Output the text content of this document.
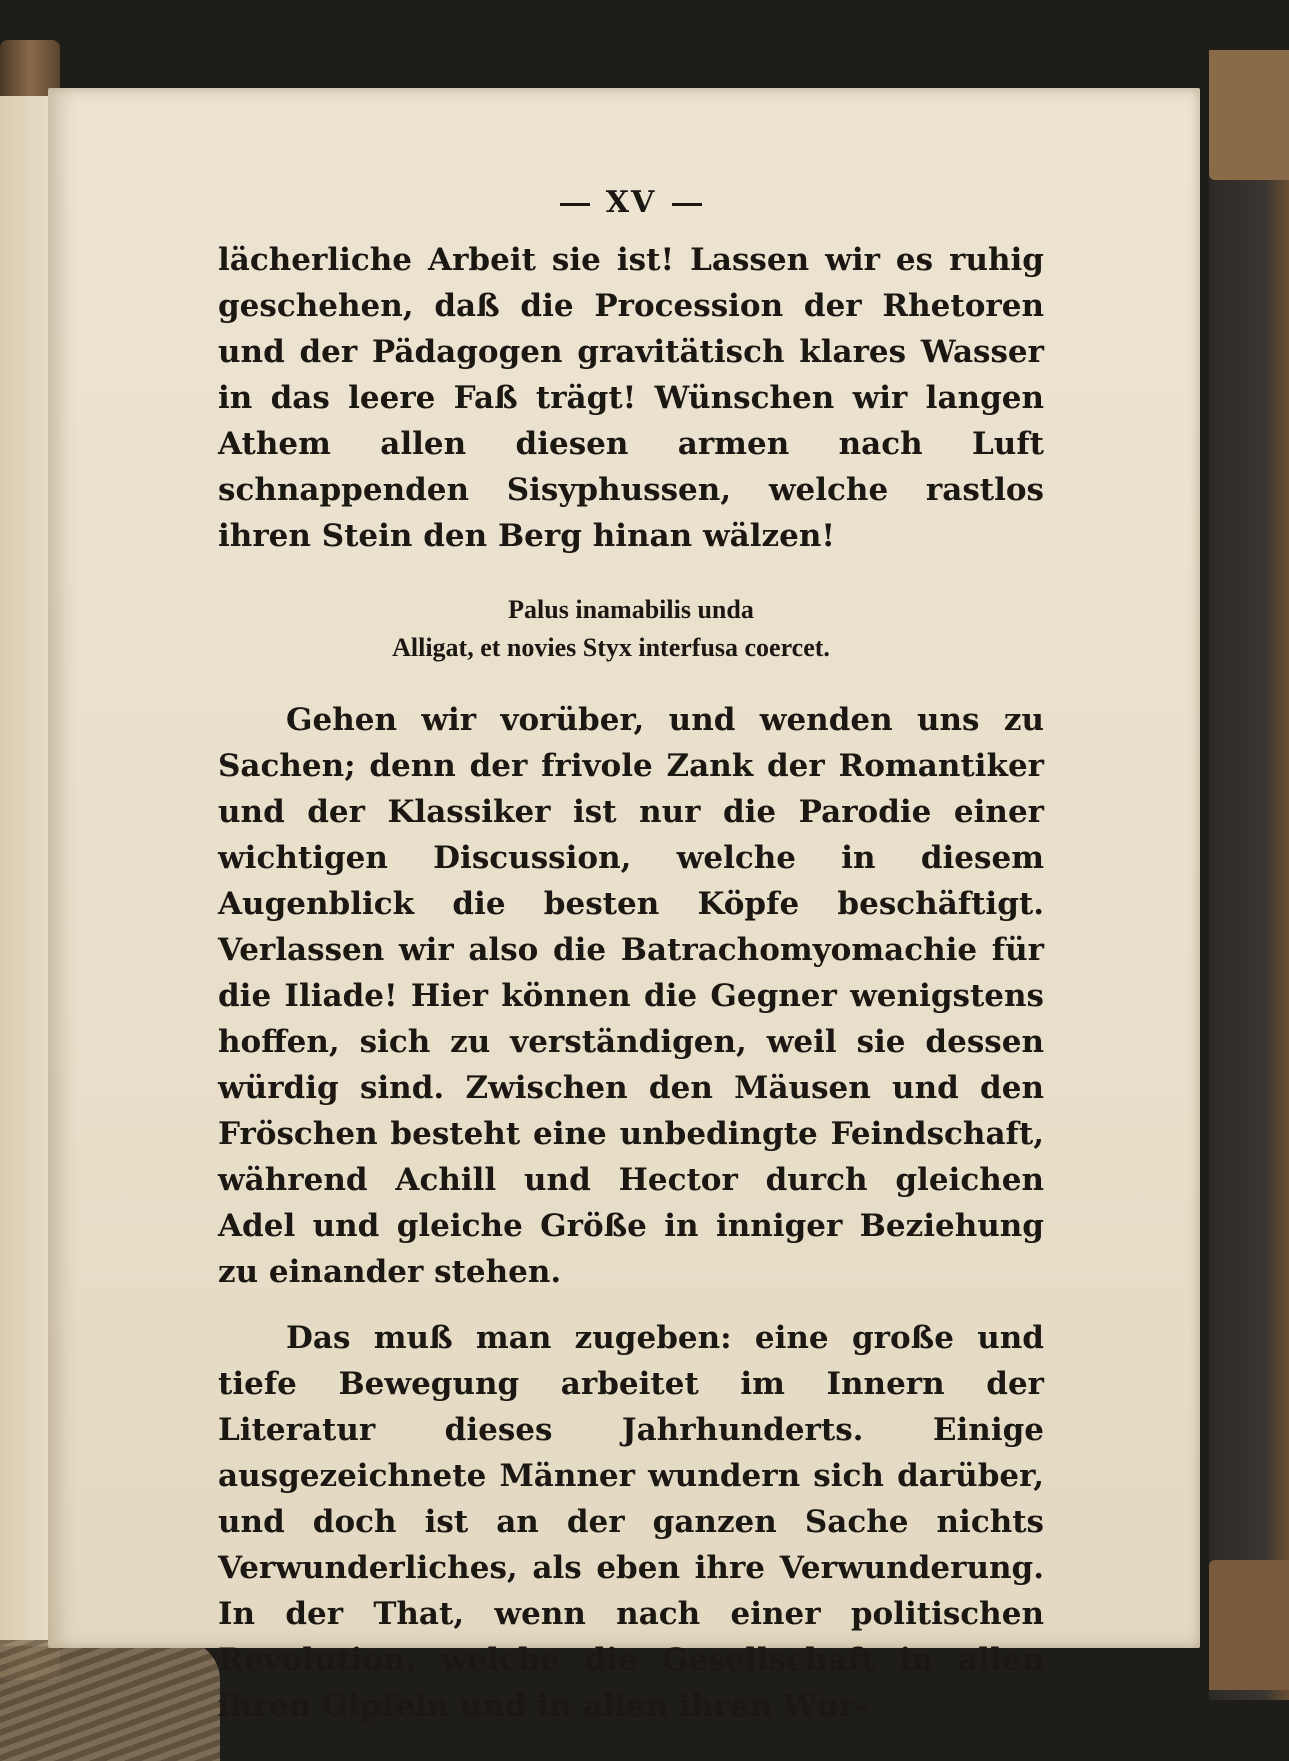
XV

lächerliche Arbeit sie ist! Lassen wir es ruhig geschehen, daß die Procession der Rhetoren und der Pädagogen gravitätisch klares Wasser in das leere Faß trägt! Wünschen wir langen Athem allen diesen armen nach Luft schnappenden Sisyphussen, welche rastlos ihren Stein den Berg hinan wälzen!

Palus inamabilis unda
Alligat, et novies Styx interfusa coercet.

Gehen wir vorüber, und wenden uns zu Sachen; denn der frivole Zank der Romantiker und der Klassiker ist nur die Parodie einer wichtigen Discussion, welche in diesem Augenblick die besten Köpfe beschäftigt. Verlassen wir also die Batrachomyomachie für die Iliade! Hier können die Gegner wenigstens hoffen, sich zu verständigen, weil sie dessen würdig sind. Zwischen den Mäusen und den Fröschen besteht eine unbedingte Feindschaft, während Achill und Hector durch gleichen Adel und gleiche Größe in inniger Beziehung zu einander stehen.

Das muß man zugeben: eine große und tiefe Bewegung arbeitet im Innern der Literatur dieses Jahrhunderts. Einige ausgezeichnete Männer wundern sich darüber, und doch ist an der ganzen Sache nichts Verwunderliches, als eben ihre Verwunderung. In der That, wenn nach einer politischen Revolution, welche die Gesellschaft in allen ihren Gipfeln und in allen ihren Wur-
